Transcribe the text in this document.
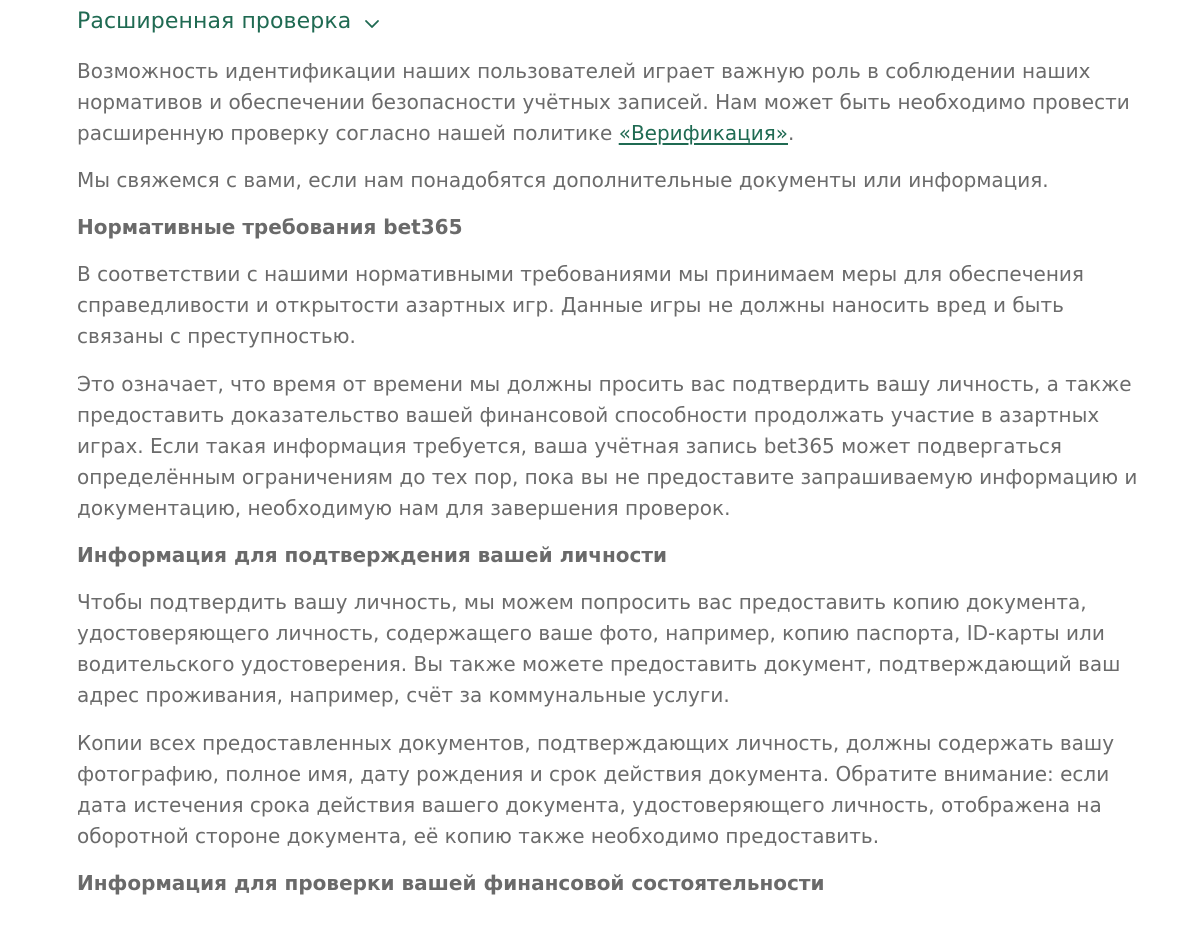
Расширенная проверка

Возможность идентификации наших пользователей играет важную роль в соблюдении наших нормативов и обеспечении безопасности учётных записей. Нам может быть необходимо провести расширенную проверку согласно нашей политике «Верификация».

Мы свяжемся с вами, если нам понадобятся дополнительные документы или информация.

Нормативные требования bet365

В соответствии с нашими нормативными требованиями мы принимаем меры для обеспечения справедливости и открытости азартных игр. Данные игры не должны наносить вред и быть связаны с преступностью.

Это означает, что время от времени мы должны просить вас подтвердить вашу личность, а также предоставить доказательство вашей финансовой способности продолжать участие в азартных играх. Если такая информация требуется, ваша учётная запись bet365 может подвергаться определённым ограничениям до тех пор, пока вы не предоставите запрашиваемую информацию и документацию, необходимую нам для завершения проверок.

Информация для подтверждения вашей личности

Чтобы подтвердить вашу личность, мы можем попросить вас предоставить копию документа, удостоверяющего личность, содержащего ваше фото, например, копию паспорта, ID-карты или водительского удостоверения. Вы также можете предоставить документ, подтверждающий ваш адрес проживания, например, счёт за коммунальные услуги.

Копии всех предоставленных документов, подтверждающих личность, должны содержать вашу фотографию, полное имя, дату рождения и срок действия документа. Обратите внимание: если дата истечения срока действия вашего документа, удостоверяющего личность, отображена на оборотной стороне документа, её копию также необходимо предоставить.

Информация для проверки вашей финансовой состоятельности
